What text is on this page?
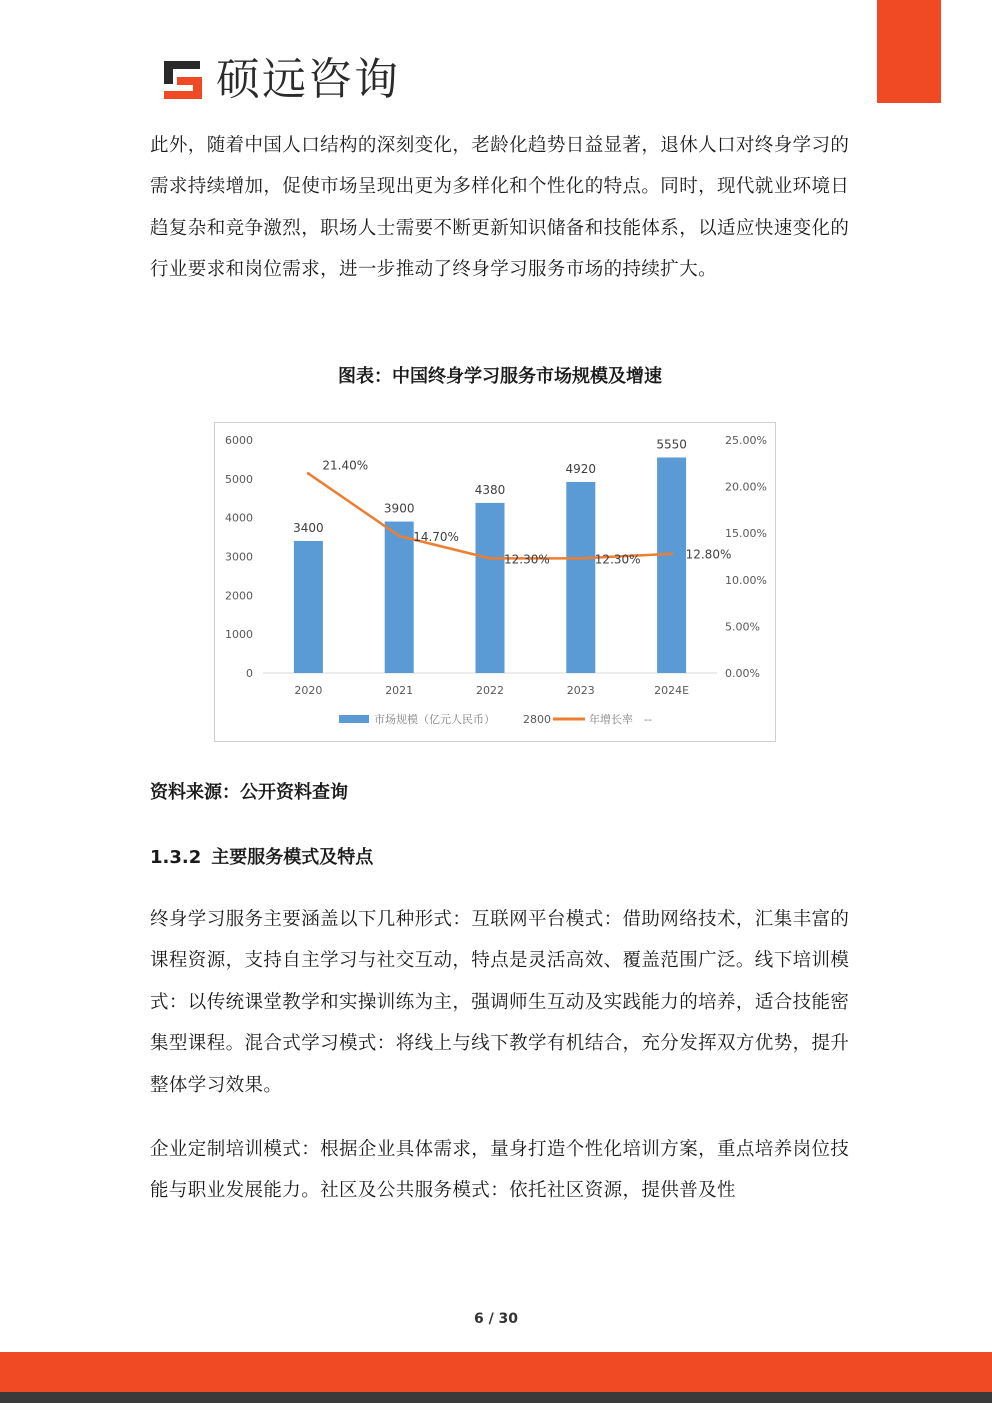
硕远咨询

此外，随着中国人口结构的深刻变化，老龄化趋势日益显著，退休人口对终身学习的需求持续增加，促使市场呈现出更为多样化和个性化的特点。同时，现代就业环境日趋复杂和竞争激烈，职场人士需要不断更新知识储备和技能体系，以适应快速变化的行业要求和岗位需求，进一步推动了终身学习服务市场的持续扩大。

图表：中国终身学习服务市场规模及增速

0
1000
2000
3000
4000
5000
6000
0.00%
5.00%
10.00%
15.00%
20.00%
25.00%
3400
3900
4380
4920
5550
2020	2021	2022	2023	2024E
21.40%
14.70%
12.30%	12.30%	12.80%
市场规模（亿元人民币）	2800	年增长率 --

资料来源：公开资料查询

1.3.2 主要服务模式及特点

终身学习服务主要涵盖以下几种形式：互联网平台模式：借助网络技术，汇集丰富的课程资源，支持自主学习与社交互动，特点是灵活高效、覆盖范围广泛。线下培训模式：以传统课堂教学和实操训练为主，强调师生互动及实践能力的培养，适合技能密集型课程。混合式学习模式：将线上与线下教学有机结合，充分发挥双方优势，提升整体学习效果。

企业定制培训模式：根据企业具体需求，量身打造个性化培训方案，重点培养岗位技能与职业发展能力。社区及公共服务模式：依托社区资源，提供普及性

6 / 30
